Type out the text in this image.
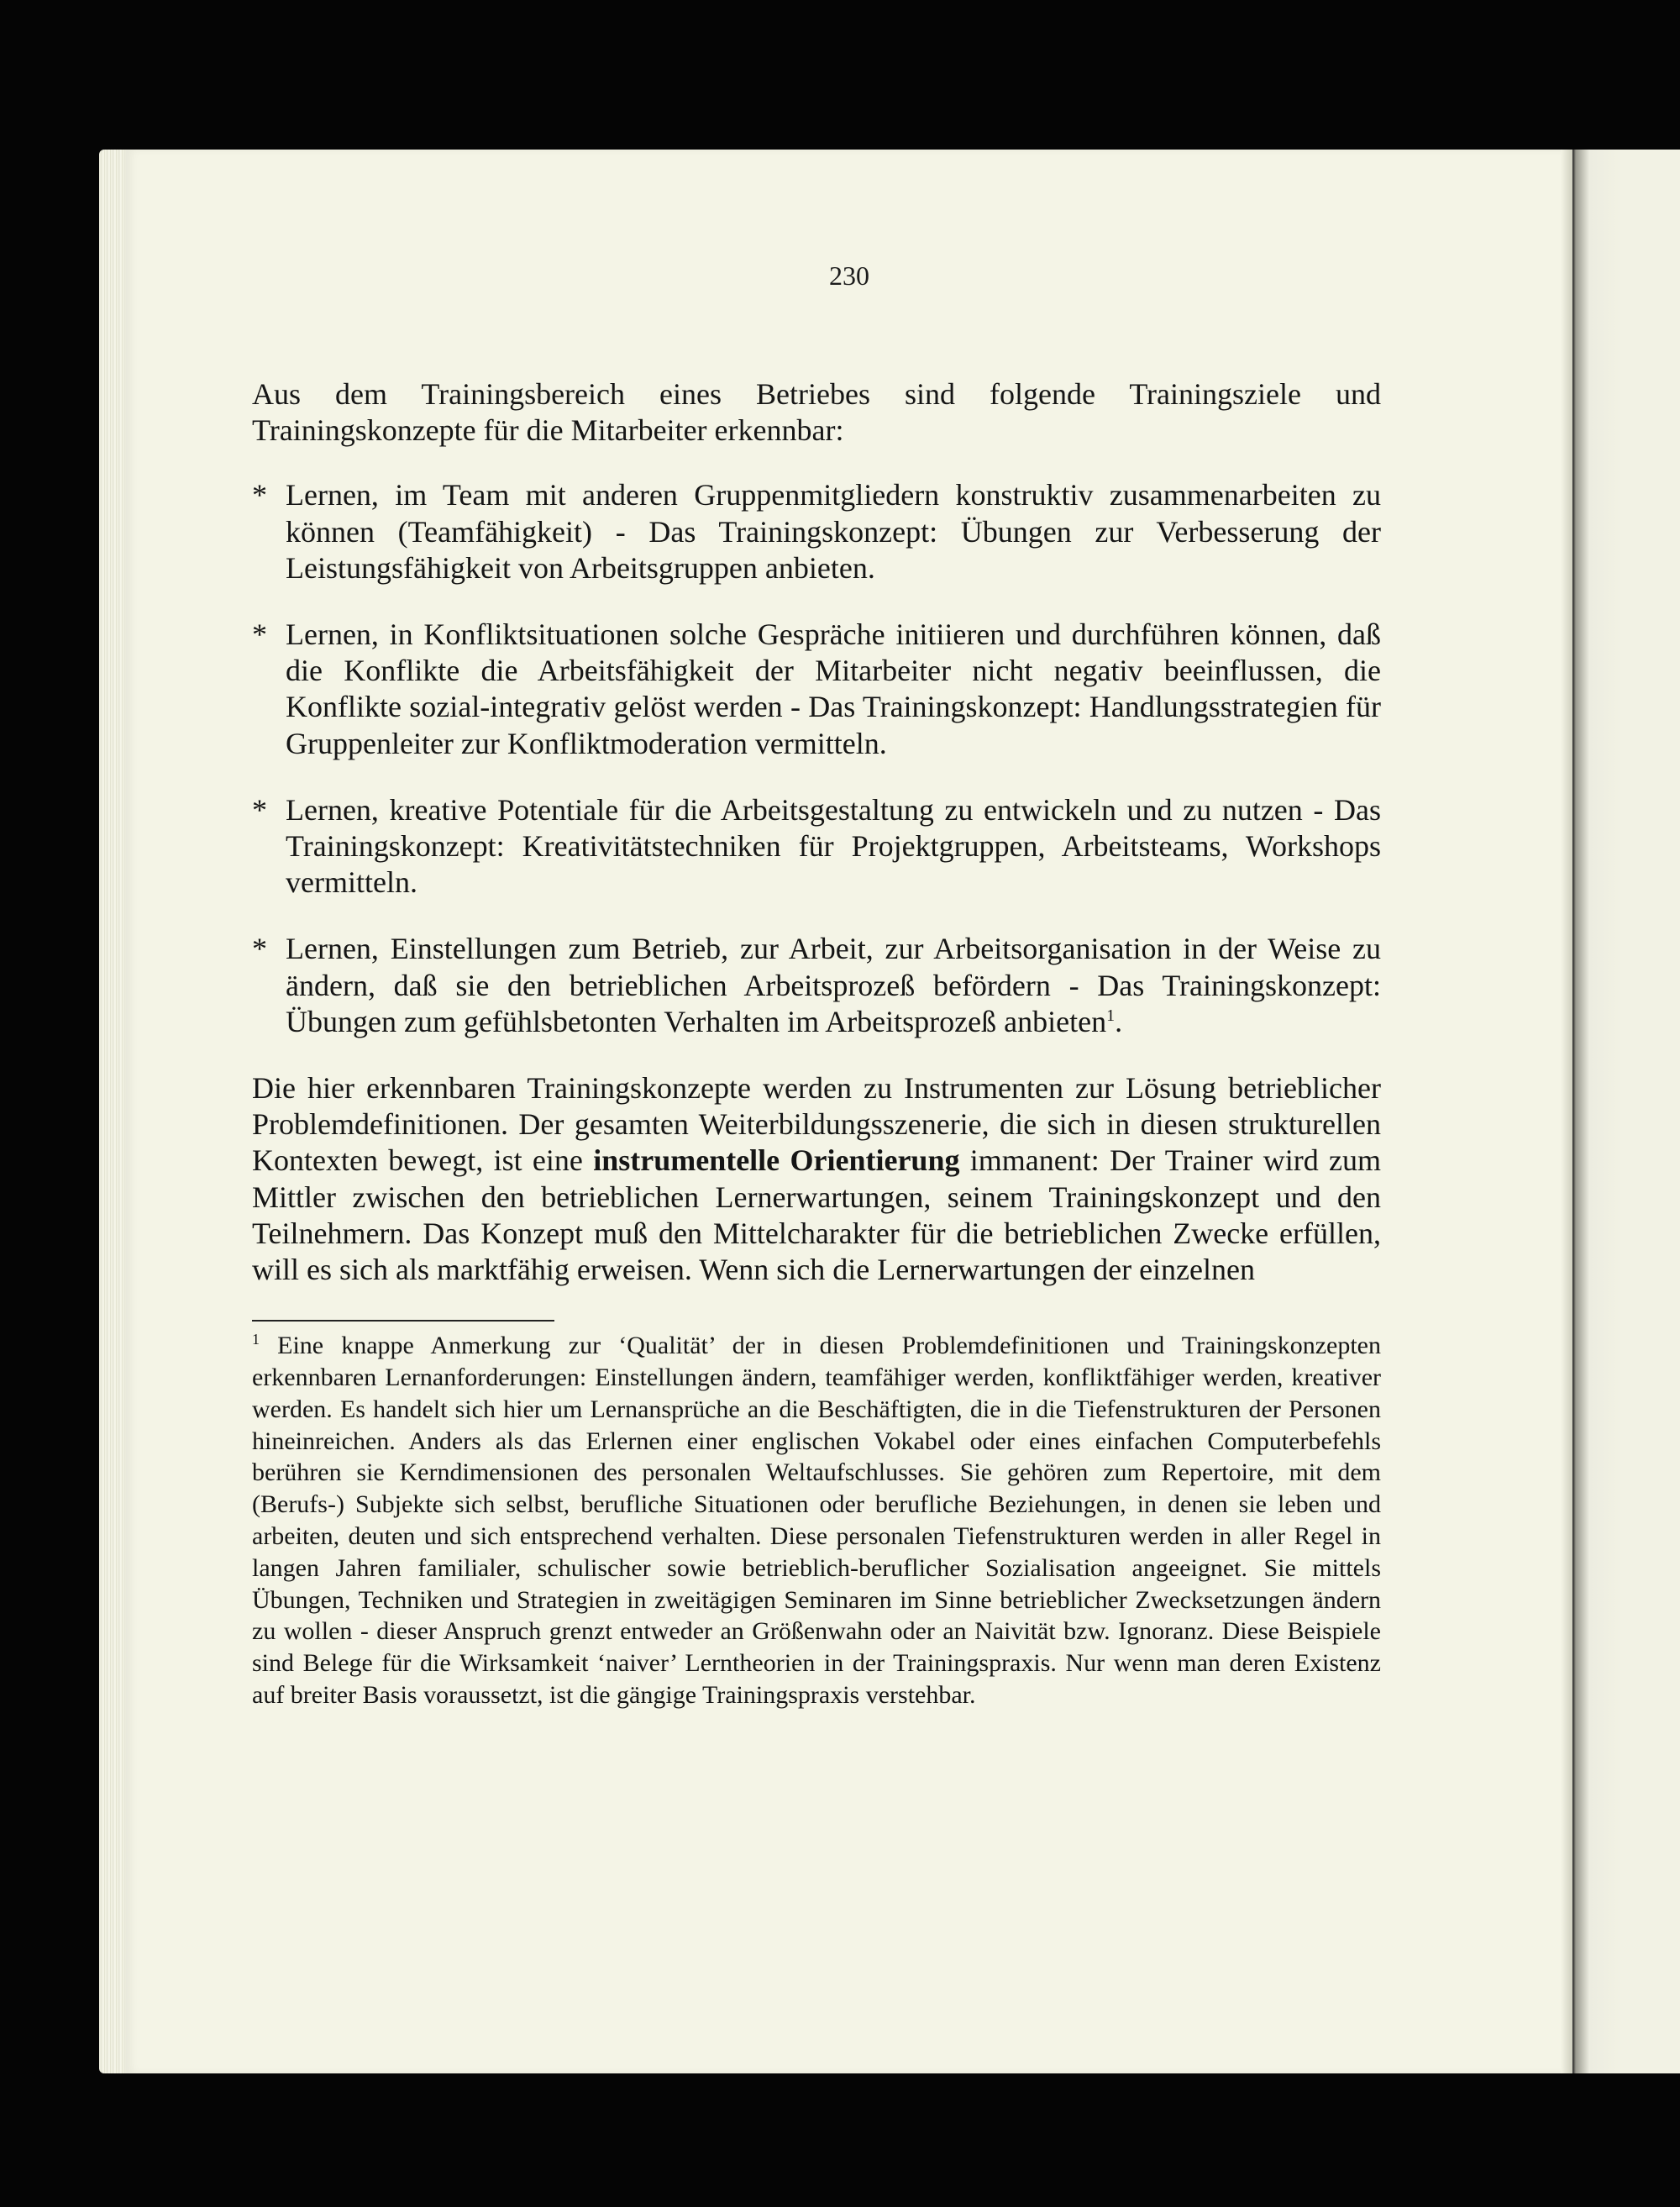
230

Aus dem Trainingsbereich eines Betriebes sind folgende Trainingsziele und Trainingskonzepte für die Mitarbeiter erkennbar:

* Lernen, im Team mit anderen Gruppenmitgliedern konstruktiv zusammenarbeiten zu können (Teamfähigkeit) - Das Trainingskonzept: Übungen zur Verbesserung der Leistungsfähigkeit von Arbeitsgruppen anbieten.
* Lernen, in Konfliktsituationen solche Gespräche initiieren und durchführen können, daß die Konflikte die Arbeitsfähigkeit der Mitarbeiter nicht negativ beeinflussen, die Konflikte sozial-integrativ gelöst werden - Das Trainingskonzept: Handlungsstrategien für Gruppenleiter zur Konfliktmoderation vermitteln.
* Lernen, kreative Potentiale für die Arbeitsgestaltung zu entwickeln und zu nutzen - Das Trainingskonzept: Kreativitätstechniken für Projektgruppen, Arbeitsteams, Workshops vermitteln.
* Lernen, Einstellungen zum Betrieb, zur Arbeit, zur Arbeitsorganisation in der Weise zu ändern, daß sie den betrieblichen Arbeitsprozeß befördern - Das Trainingskonzept: Übungen zum gefühlsbetonten Verhalten im Arbeitsprozeß anbieten$^1$.

Die hier erkennbaren Trainingskonzepte werden zu Instrumenten zur Lösung betrieblicher Problemdefinitionen. Der gesamten Weiterbildungsszenerie, die sich in diesen strukturellen Kontexten bewegt, ist eine instrumentelle Orientierung immanent: Der Trainer wird zum Mittler zwischen den betrieblichen Lernerwartungen, seinem Trainingskonzept und den Teilnehmern. Das Konzept muß den Mittelcharakter für die betrieblichen Zwecke erfüllen, will es sich als marktfähig erweisen. Wenn sich die Lernerwartungen der einzelnen

$^1$ Eine knappe Anmerkung zur ‘Qualität’ der in diesen Problemdefinitionen und Trainingskonzepten erkennbaren Lernanforderungen: Einstellungen ändern, teamfähiger werden, konfliktfähiger werden, kreativer werden. Es handelt sich hier um Lernansprüche an die Beschäftigten, die in die Tiefenstrukturen der Personen hineinreichen. Anders als das Erlernen einer englischen Vokabel oder eines einfachen Computerbefehls berühren sie Kerndimensionen des personalen Weltaufschlusses. Sie gehören zum Repertoire, mit dem (Berufs-) Subjekte sich selbst, berufliche Situationen oder berufliche Beziehungen, in denen sie leben und arbeiten, deuten und sich entsprechend verhalten. Diese personalen Tiefenstrukturen werden in aller Regel in langen Jahren familialer, schulischer sowie betrieblich-beruflicher Sozialisation angeeignet. Sie mittels Übungen, Techniken und Strategien in zweitägigen Seminaren im Sinne betrieblicher Zwecksetzungen ändern zu wollen - dieser Anspruch grenzt entweder an Größenwahn oder an Naivität bzw. Ignoranz. Diese Beispiele sind Belege für die Wirksamkeit ‘naiver’ Lerntheorien in der Trainingspraxis. Nur wenn man deren Existenz auf breiter Basis voraussetzt, ist die gängige Trainingspraxis verstehbar.
